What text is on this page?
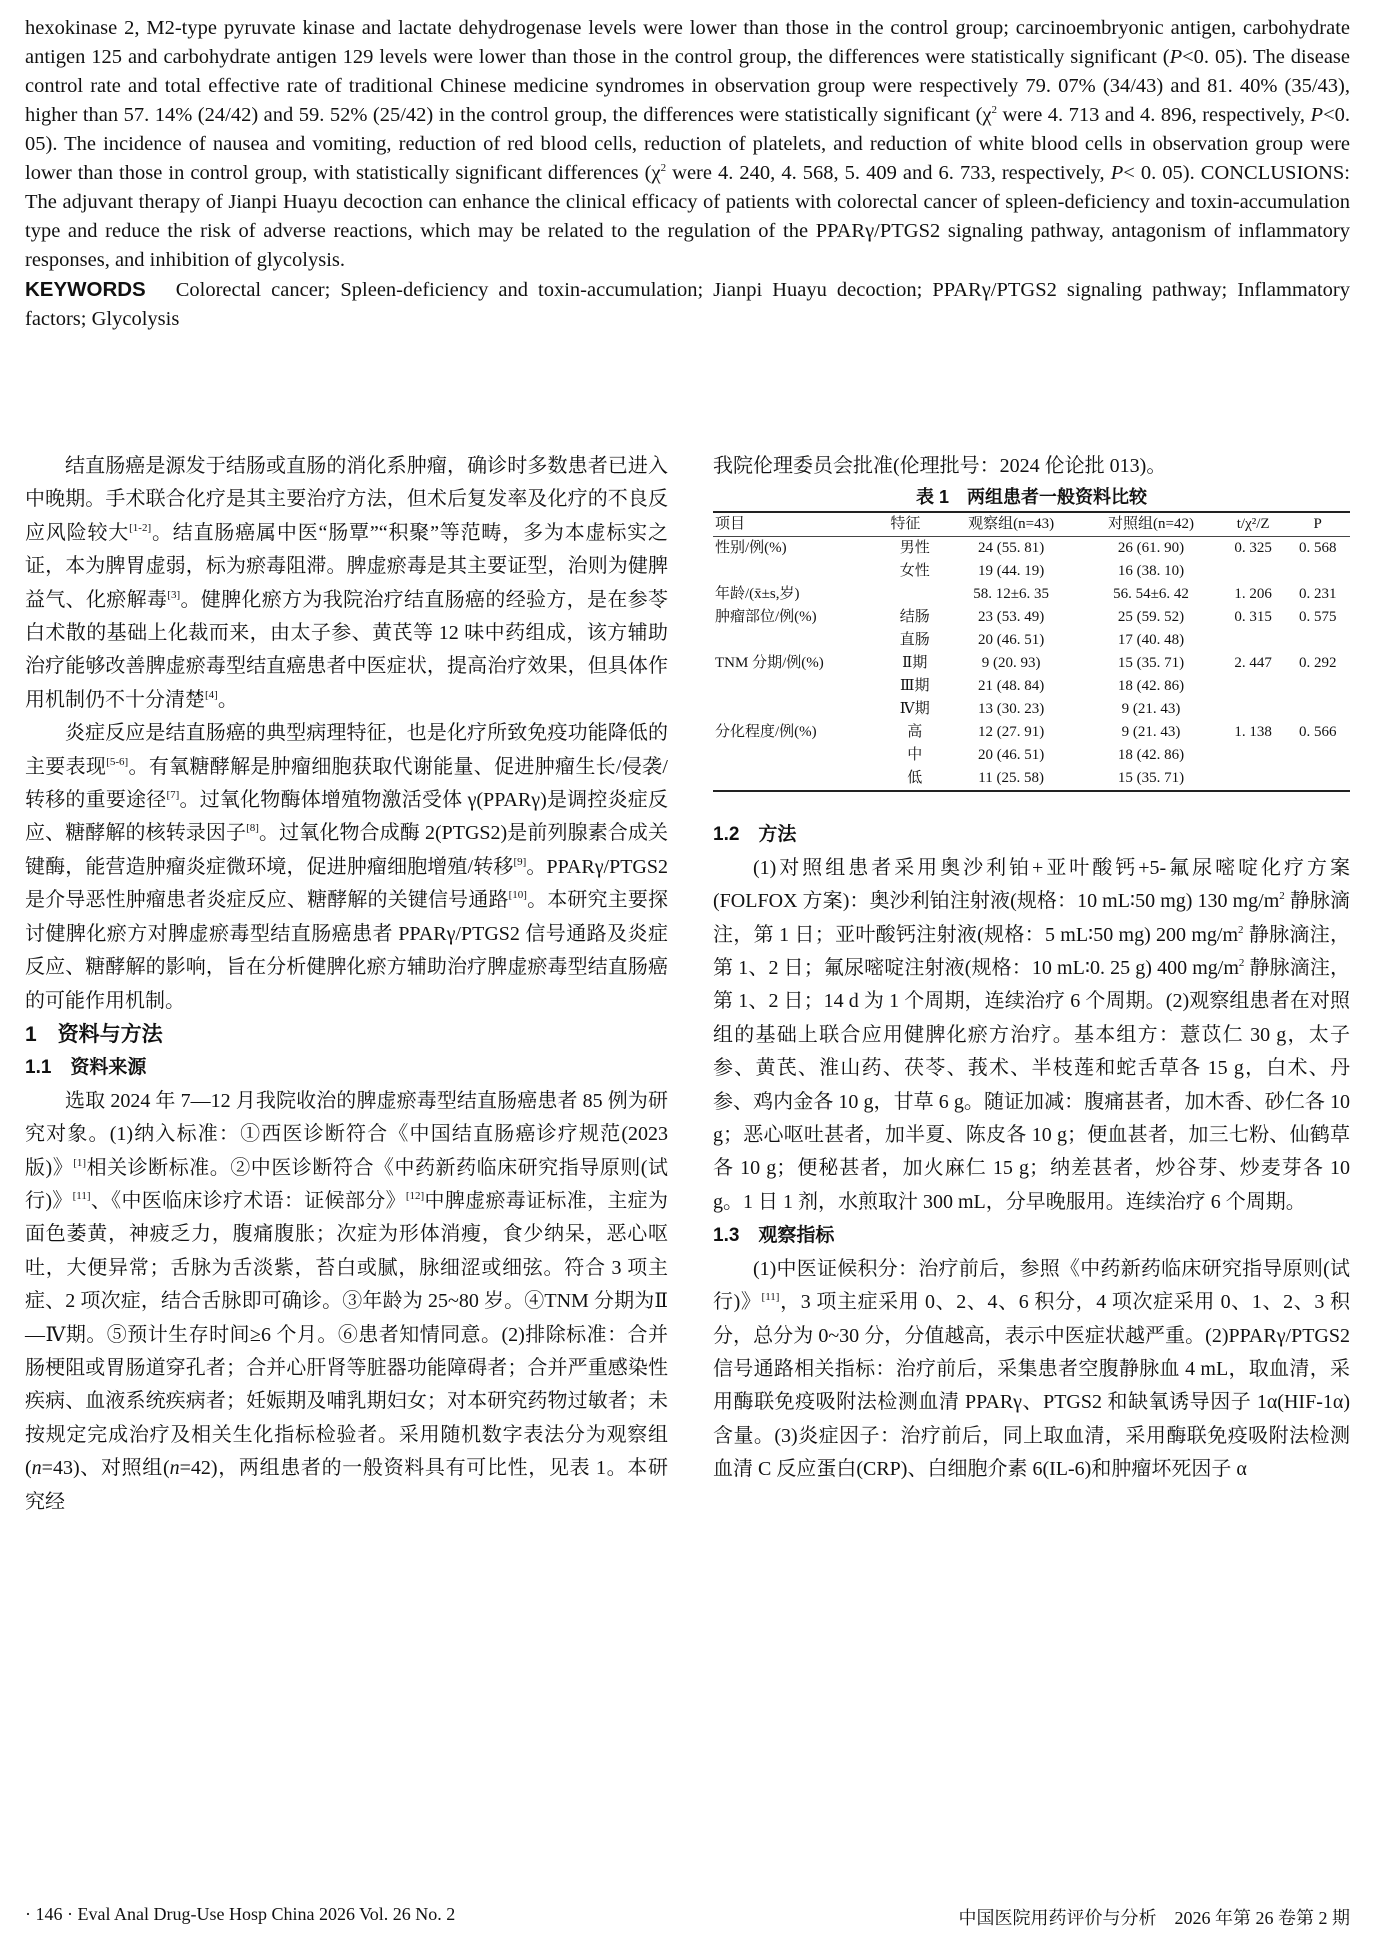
hexokinase 2, M2-type pyruvate kinase and lactate dehydrogenase levels were lower than those in the control group; carcinoembryonic antigen, carbohydrate antigen 125 and carbohydrate antigen 129 levels were lower than those in the control group, the differences were statistically significant (P<0. 05). The disease control rate and total effective rate of traditional Chinese medicine syndromes in observation group were respectively 79. 07% (34/43) and 81. 40% (35/43), higher than 57. 14% (24/42) and 59. 52% (25/42) in the control group, the differences were statistically significant ($\chi^2$ were 4. 713 and 4. 896, respectively, P<0. 05). The incidence of nausea and vomiting, reduction of red blood cells, reduction of platelets, and reduction of white blood cells in observation group were lower than those in control group, with statistically significant differences ($\chi^2$ were 4. 240, 4. 568, 5. 409 and 6. 733, respectively, P< 0. 05). CONCLUSIONS: The adjuvant therapy of Jianpi Huayu decoction can enhance the clinical efficacy of patients with colorectal cancer of spleen-deficiency and toxin-accumulation type and reduce the risk of adverse reactions, which may be related to the regulation of the PPARγ/PTGS2 signaling pathway, antagonism of inflammatory responses, and inhibition of glycolysis.

KEYWORDS Colorectal cancer; Spleen-deficiency and toxin-accumulation; Jianpi Huayu decoction; PPARγ/PTGS2 signaling pathway; Inflammatory factors; Glycolysis

结直肠癌是源发于结肠或直肠的消化系肿瘤，确诊时多数患者已进入中晚期。手术联合化疗是其主要治疗方法，但术后复发率及化疗的不良反应风险较大[1-2]。结直肠癌属中医“肠覃”“积聚”等范畴，多为本虚标实之证，本为脾胃虚弱，标为瘀毒阻滞。脾虚瘀毒是其主要证型，治则为健脾益气、化瘀解毒[3]。健脾化瘀方为我院治疗结直肠癌的经验方，是在参苓白术散的基础上化裁而来，由太子参、黄芪等 12 味中药组成，该方辅助治疗能够改善脾虚瘀毒型结直癌患者中医症状，提高治疗效果，但具体作用机制仍不十分清楚[4]。

炎症反应是结直肠癌的典型病理特征，也是化疗所致免疫功能降低的主要表现[5-6]。有氧糖酵解是肿瘤细胞获取代谢能量、促进肿瘤生长/侵袭/转移的重要途径[7]。过氧化物酶体增殖物激活受体 γ(PPARγ)是调控炎症反应、糖酵解的核转录因子[8]。过氧化物合成酶 2(PTGS2)是前列腺素合成关键酶，能营造肿瘤炎症微环境，促进肿瘤细胞增殖/转移[9]。PPARγ/PTGS2 是介导恶性肿瘤患者炎症反应、糖酵解的关键信号通路[10]。本研究主要探讨健脾化瘀方对脾虚瘀毒型结直肠癌患者 PPARγ/PTGS2 信号通路及炎症反应、糖酵解的影响，旨在分析健脾化瘀方辅助治疗脾虚瘀毒型结直肠癌的可能作用机制。

1　资料与方法
1.1　资料来源

选取 2024 年 7—12 月我院收治的脾虚瘀毒型结直肠癌患者 85 例为研究对象。(1)纳入标准：①西医诊断符合《中国结直肠癌诊疗规范(2023 版)》[1]相关诊断标准。②中医诊断符合《中药新药临床研究指导原则(试行)》[11]、《中医临床诊疗术语：证候部分》[12]中脾虚瘀毒证标准，主症为面色萎黄，神疲乏力，腹痛腹胀；次症为形体消瘦，食少纳呆，恶心呕吐，大便异常；舌脉为舌淡紫，苔白或腻，脉细涩或细弦。符合 3 项主症、2 项次症，结合舌脉即可确诊。③年龄为 25~80 岁。④TNM 分期为Ⅱ—Ⅳ期。⑤预计生存时间≥6 个月。⑥患者知情同意。(2)排除标准：合并肠梗阻或胃肠道穿孔者；合并心肝肾等脏器功能障碍者；合并严重感染性疾病、血液系统疾病者；妊娠期及哺乳期妇女；对本研究药物过敏者；未按规定完成治疗及相关生化指标检验者。采用随机数字表法分为观察组(n=43)、对照组(n=42)，两组患者的一般资料具有可比性，见表 1。本研究经

我院伦理委员会批准(伦理批号：2024 伦论批 013)。

表 1　两组患者一般资料比较
项目	特征	观察组(n=43)	对照组(n=42)	t/χ²/Z	P
性别/例(%)	男性	24 (55. 81)	26 (61. 90)	0. 325	0. 568
	女性	19 (44. 19)	16 (38. 10)		
年龄/(x̄±s,岁)		58. 12±6. 35	56. 54±6. 42	1. 206	0. 231
肿瘤部位/例(%)	结肠	23 (53. 49)	25 (59. 52)	0. 315	0. 575
	直肠	20 (46. 51)	17 (40. 48)		
TNM 分期/例(%)	Ⅱ期	9 (20. 93)	15 (35. 71)	2. 447	0. 292
	Ⅲ期	21 (48. 84)	18 (42. 86)		
	Ⅳ期	13 (30. 23)	9 (21. 43)		
分化程度/例(%)	高	12 (27. 91)	9 (21. 43)	1. 138	0. 566
	中	20 (46. 51)	18 (42. 86)		
	低	11 (25. 58)	15 (35. 71)		
1.2　方法

(1)对照组患者采用奥沙利铂+亚叶酸钙+5-氟尿嘧啶化疗方案(FOLFOX 方案)：奥沙利铂注射液(规格：10 mL∶50 mg) 130 $mg/m^2$ 静脉滴注，第 1 日；亚叶酸钙注射液(规格：5 mL∶50 mg) 200 $mg/m^2$ 静脉滴注，第 1、2 日；氟尿嘧啶注射液(规格：10 mL∶0. 25 g) 400 $mg/m^2$ 静脉滴注，第 1、2 日；14 d 为 1 个周期，连续治疗 6 个周期。(2)观察组患者在对照组的基础上联合应用健脾化瘀方治疗。基本组方：薏苡仁 30 g，太子参、黄芪、淮山药、茯苓、莪术、半枝莲和蛇舌草各 15 g，白术、丹参、鸡内金各 10 g，甘草 6 g。随证加减：腹痛甚者，加木香、砂仁各 10 g；恶心呕吐甚者，加半夏、陈皮各 10 g；便血甚者，加三七粉、仙鹤草各 10 g；便秘甚者，加火麻仁 15 g；纳差甚者，炒谷芽、炒麦芽各 10 g。1 日 1 剂，水煎取汁 300 mL，分早晚服用。连续治疗 6 个周期。

1.3　观察指标

(1)中医证候积分：治疗前后，参照《中药新药临床研究指导原则(试行)》[11]，3 项主症采用 0、2、4、6 积分，4 项次症采用 0、1、2、3 积分，总分为 0~30 分，分值越高，表示中医症状越严重。(2)PPARγ/PTGS2 信号通路相关指标：治疗前后，采集患者空腹静脉血 4 mL，取血清，采用酶联免疫吸附法检测血清 PPARγ、PTGS2 和缺氧诱导因子 1α(HIF-1α)含量。(3)炎症因子：治疗前后，同上取血清，采用酶联免疫吸附法检测血清 C 反应蛋白(CRP)、白细胞介素 6(IL-6)和肿瘤坏死因子 α

· 146 · Eval Anal Drug-Use Hosp China 2026 Vol. 26 No. 2	中国医院用药评价与分析　2026 年第 26 卷第 2 期
